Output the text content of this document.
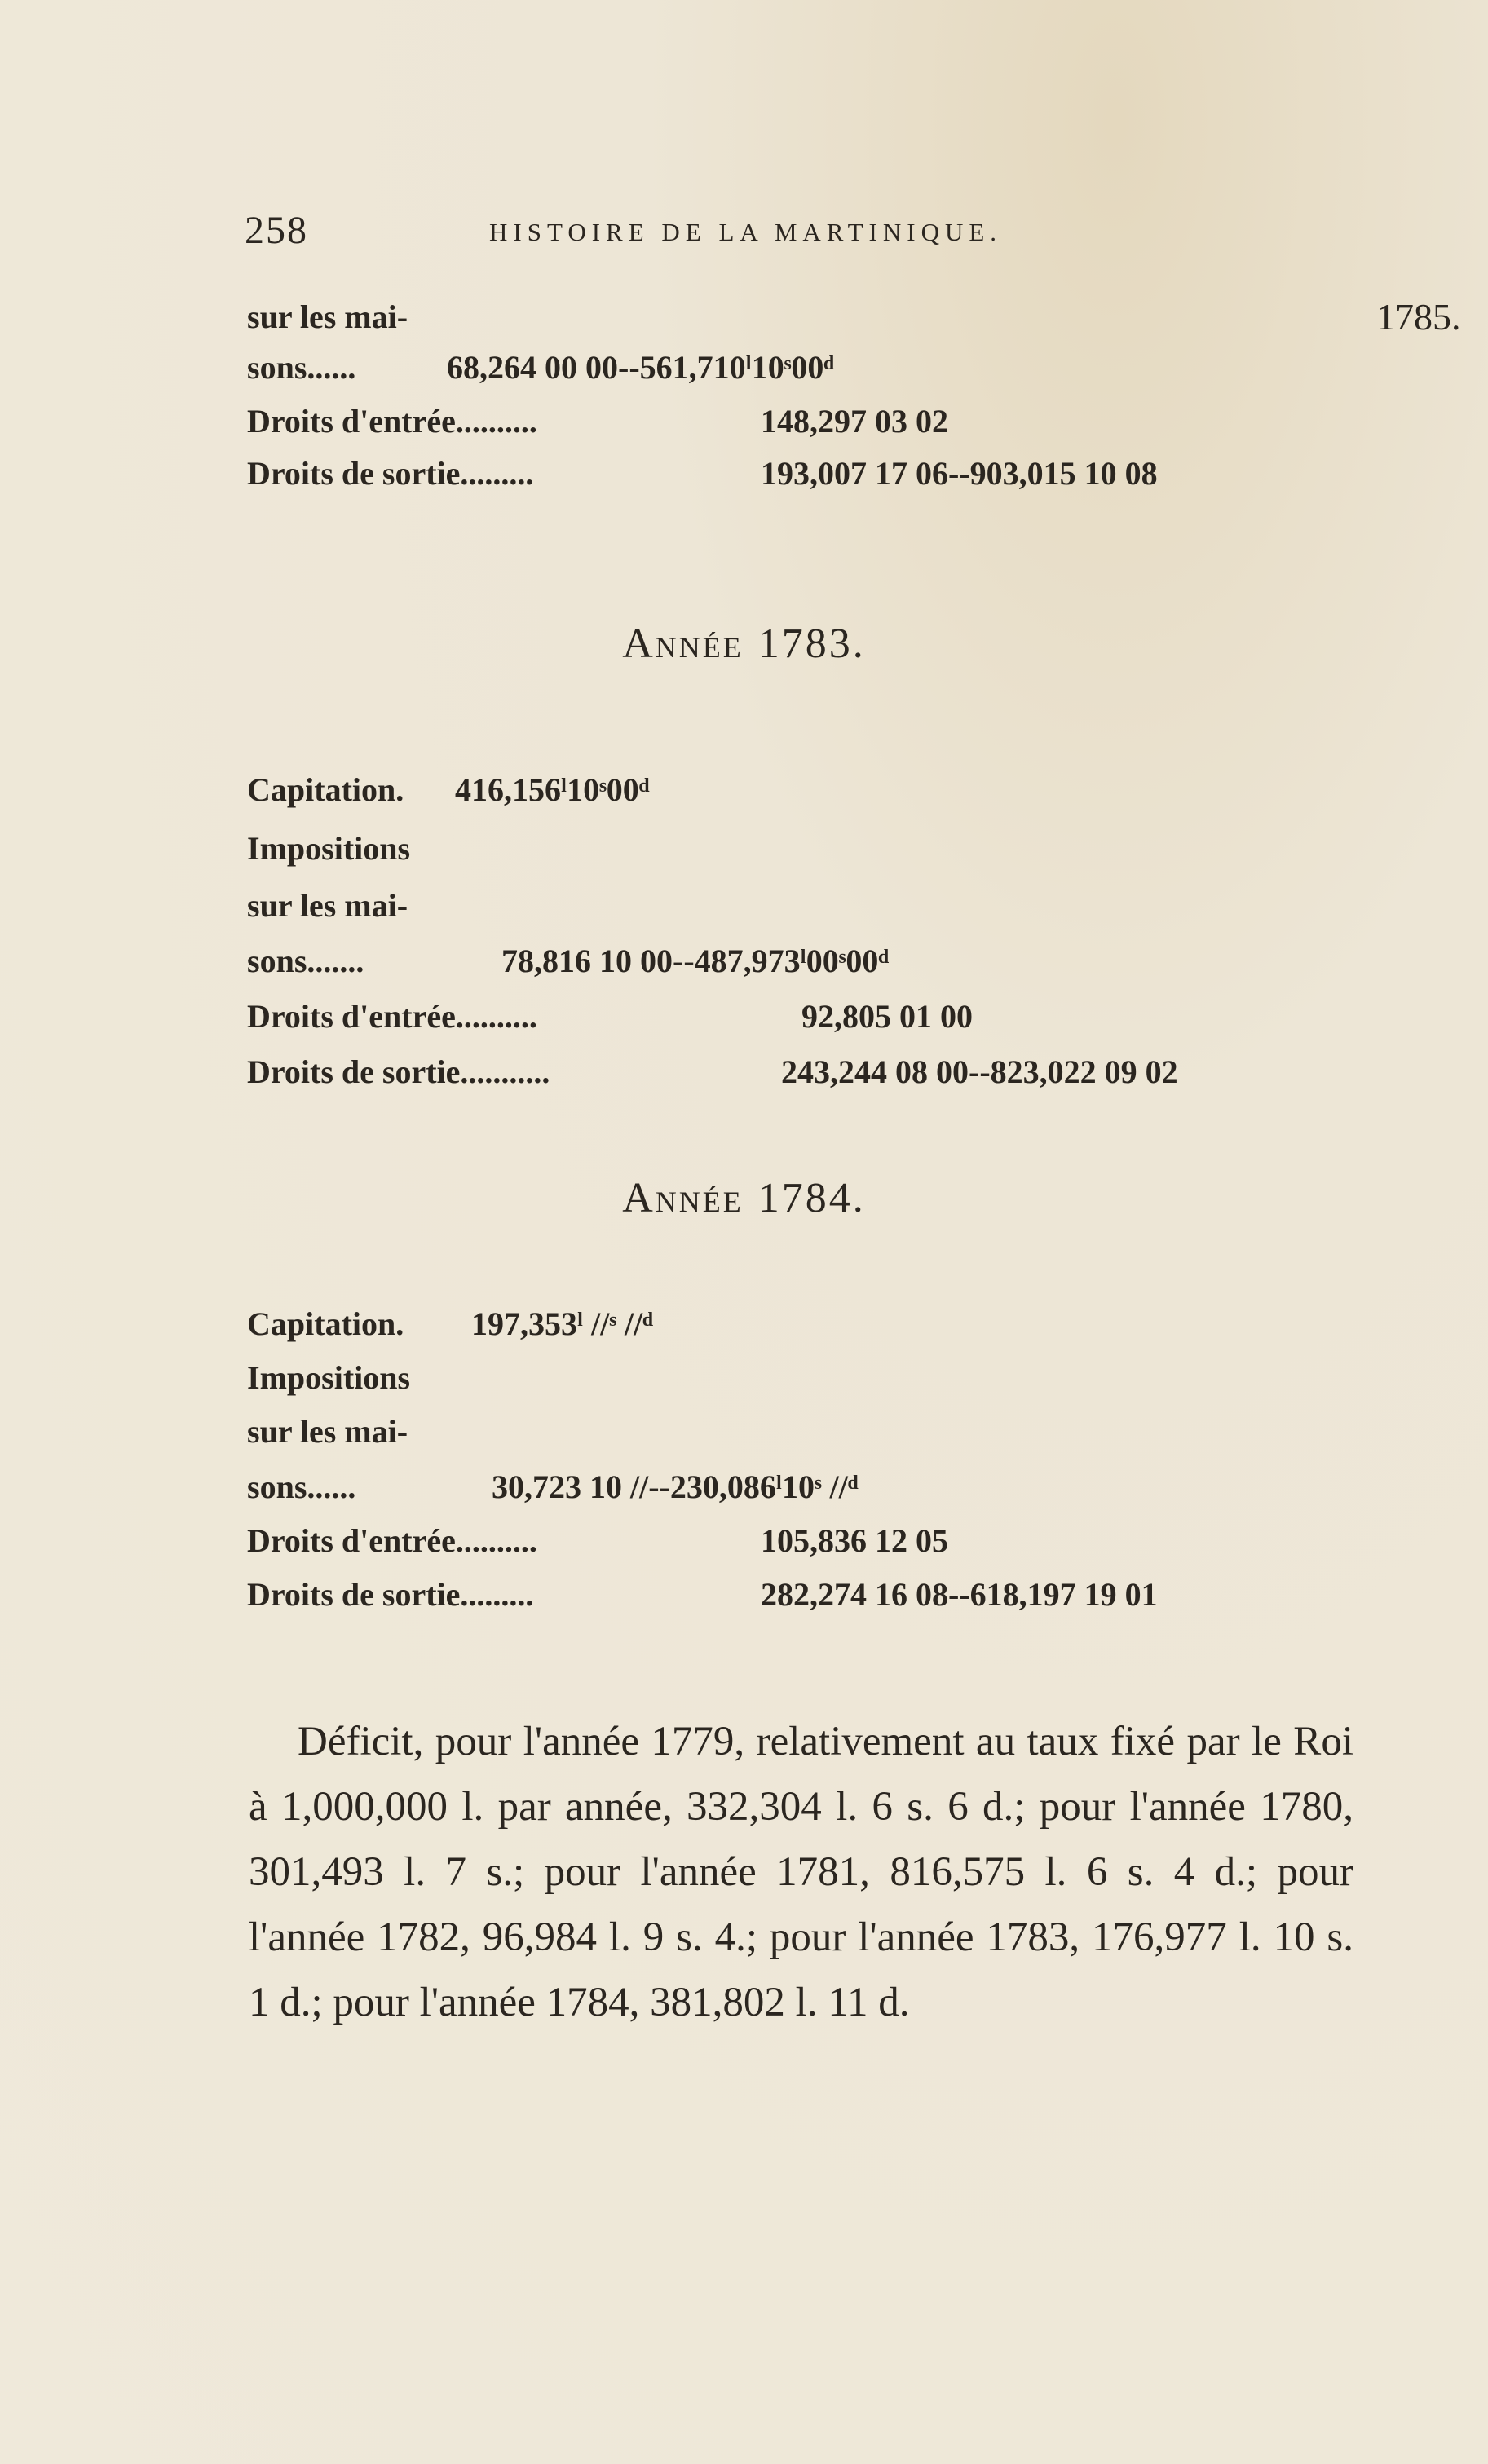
258	HISTOIRE DE LA MARTINIQUE.
1785.
sur les mai-
sons......	68,264 00 00--561,710ˡ10ˢ00ᵈ
Droits d'entrée..........	148,297 03 02
Droits de sortie.........	193,007 17 06--903,015 10 08
Année 1783.
Capitation. 416,156ˡ10ˢ00ᵈ
Impositions
sur les mai-
sons.......	78,816 10 00--487,973ˡ00ˢ00ᵈ
Droits d'entrée..........	92,805 01 00
Droits de sortie...........	243,244 08 00--823,022 09 02
Année 1784.
Capitation. 197,353ˡ //ˢ //ᵈ
Impositions
sur les mai-
sons......	30,723 10 //--230,086ˡ10ˢ //ᵈ
Droits d'entrée..........	105,836 12 05
Droits de sortie.........	282,274 16 08--618,197 19 01

Déficit, pour l'année 1779, relativement au taux fixé par le Roi à 1,000,000 l. par année, 332,304 l. 6 s. 6 d.; pour l'année 1780, 301,493 l. 7 s.; pour l'année 1781, 816,575 l. 6 s. 4 d.; pour l'année 1782, 96,984 l. 9 s. 4.; pour l'année 1783, 176,977 l. 10 s. 1 d.; pour l'année 1784, 381,802 l. 11 d.
